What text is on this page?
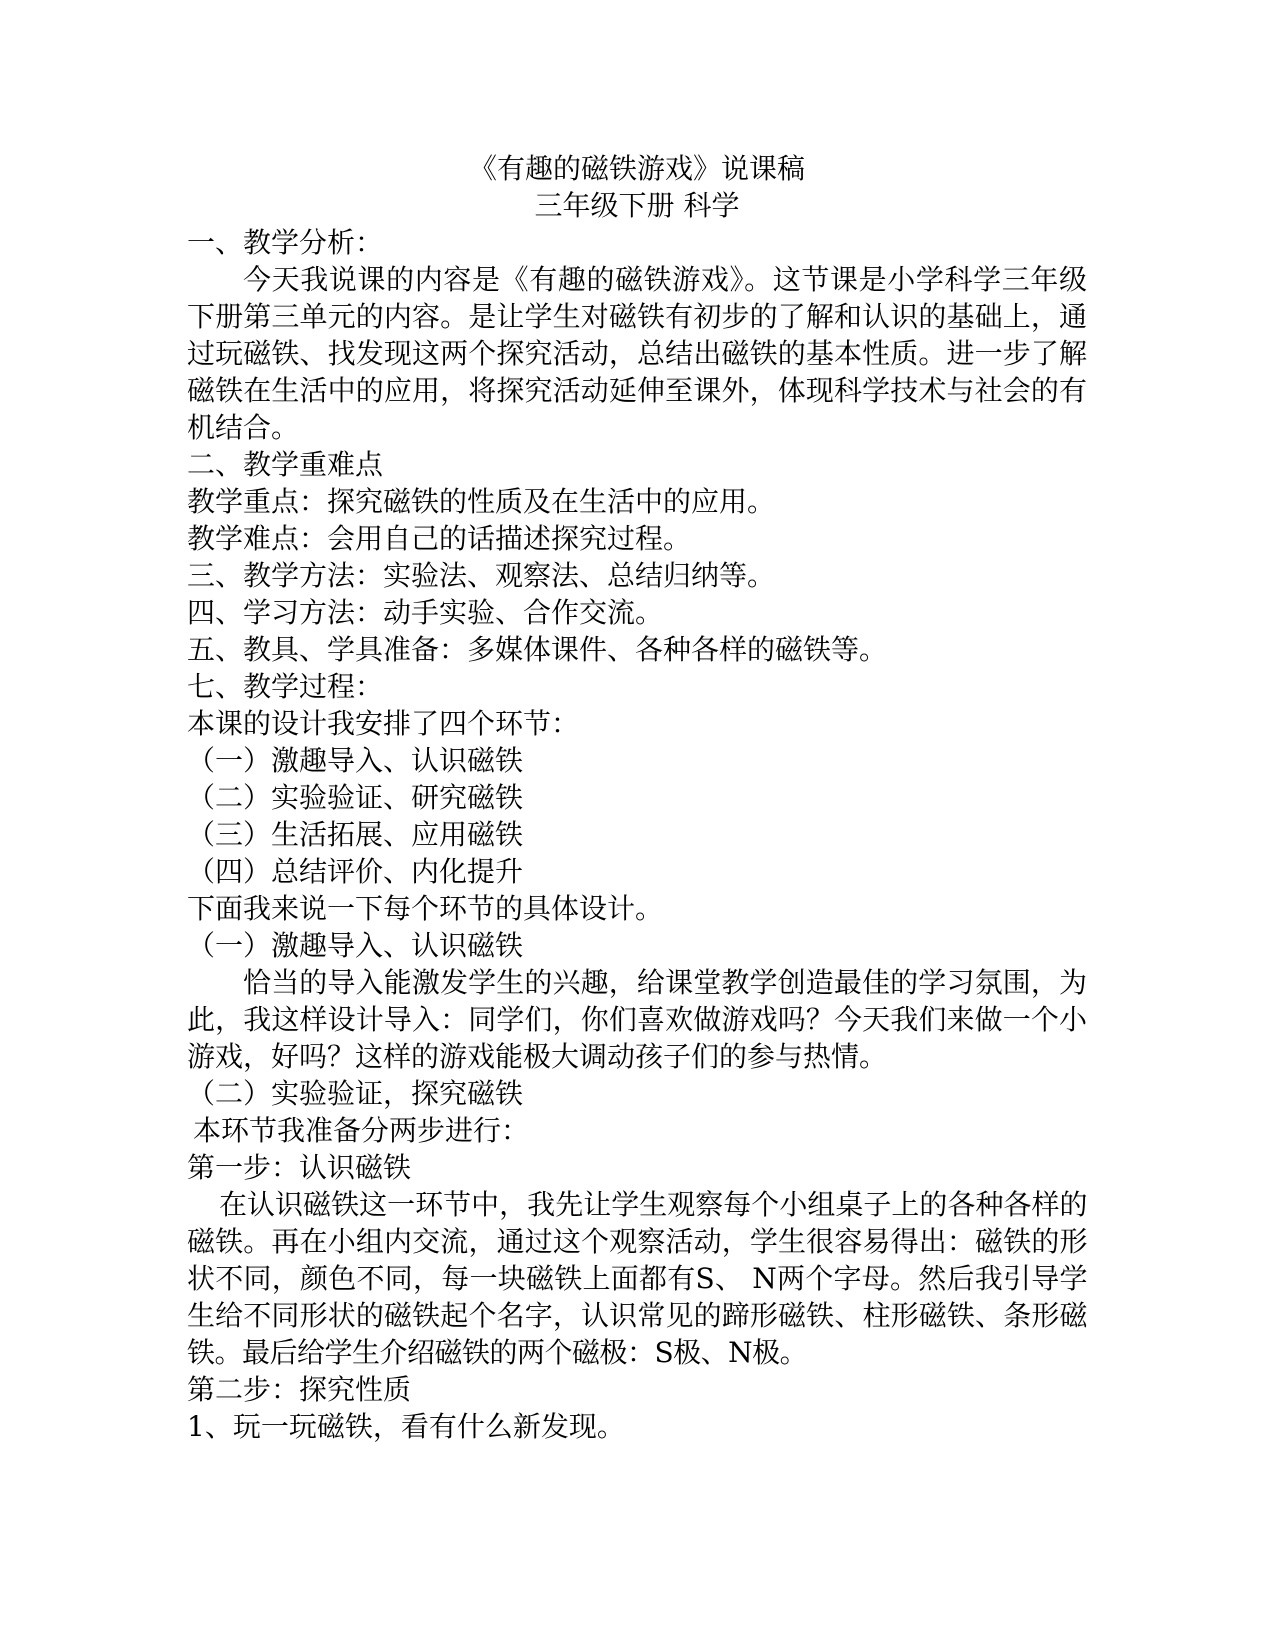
《有趣的磁铁游戏》说课稿
三年级下册 科学
一、教学分析：
今天我说课的内容是《有趣的磁铁游戏》。这节课是小学科学三年级下册第三单元的内容。是让学生对磁铁有初步的了解和认识的基础上，通过玩磁铁、找发现这两个探究活动，总结出磁铁的基本性质。进一步了解磁铁在生活中的应用，将探究活动延伸至课外，体现科学技术与社会的有机结合。
二、教学重难点
教学重点：探究磁铁的性质及在生活中的应用。
教学难点：会用自己的话描述探究过程。
三、教学方法：实验法、观察法、总结归纳等。
四、学习方法：动手实验、合作交流。
五、教具、学具准备：多媒体课件、各种各样的磁铁等。
七、教学过程：
本课的设计我安排了四个环节：
（一）激趣导入、认识磁铁
（二）实验验证、研究磁铁
（三）生活拓展、应用磁铁
（四）总结评价、内化提升
下面我来说一下每个环节的具体设计。
（一）激趣导入、认识磁铁
恰当的导入能激发学生的兴趣，给课堂教学创造最佳的学习氛围，为此，我这样设计导入：同学们，你们喜欢做游戏吗？今天我们来做一个小游戏，好吗？这样的游戏能极大调动孩子们的参与热情。
（二）实验验证，探究磁铁
本环节我准备分两步进行：
第一步：认识磁铁
在认识磁铁这一环节中，我先让学生观察每个小组桌子上的各种各样的磁铁。再在小组内交流，通过这个观察活动，学生很容易得出：磁铁的形状不同，颜色不同，每一块磁铁上面都有S、 N两个字母。然后我引导学生给不同形状的磁铁起个名字，认识常见的蹄形磁铁、柱形磁铁、条形磁铁。最后给学生介绍磁铁的两个磁极：S极、N极。
第二步：探究性质
1、玩一玩磁铁，看有什么新发现。
